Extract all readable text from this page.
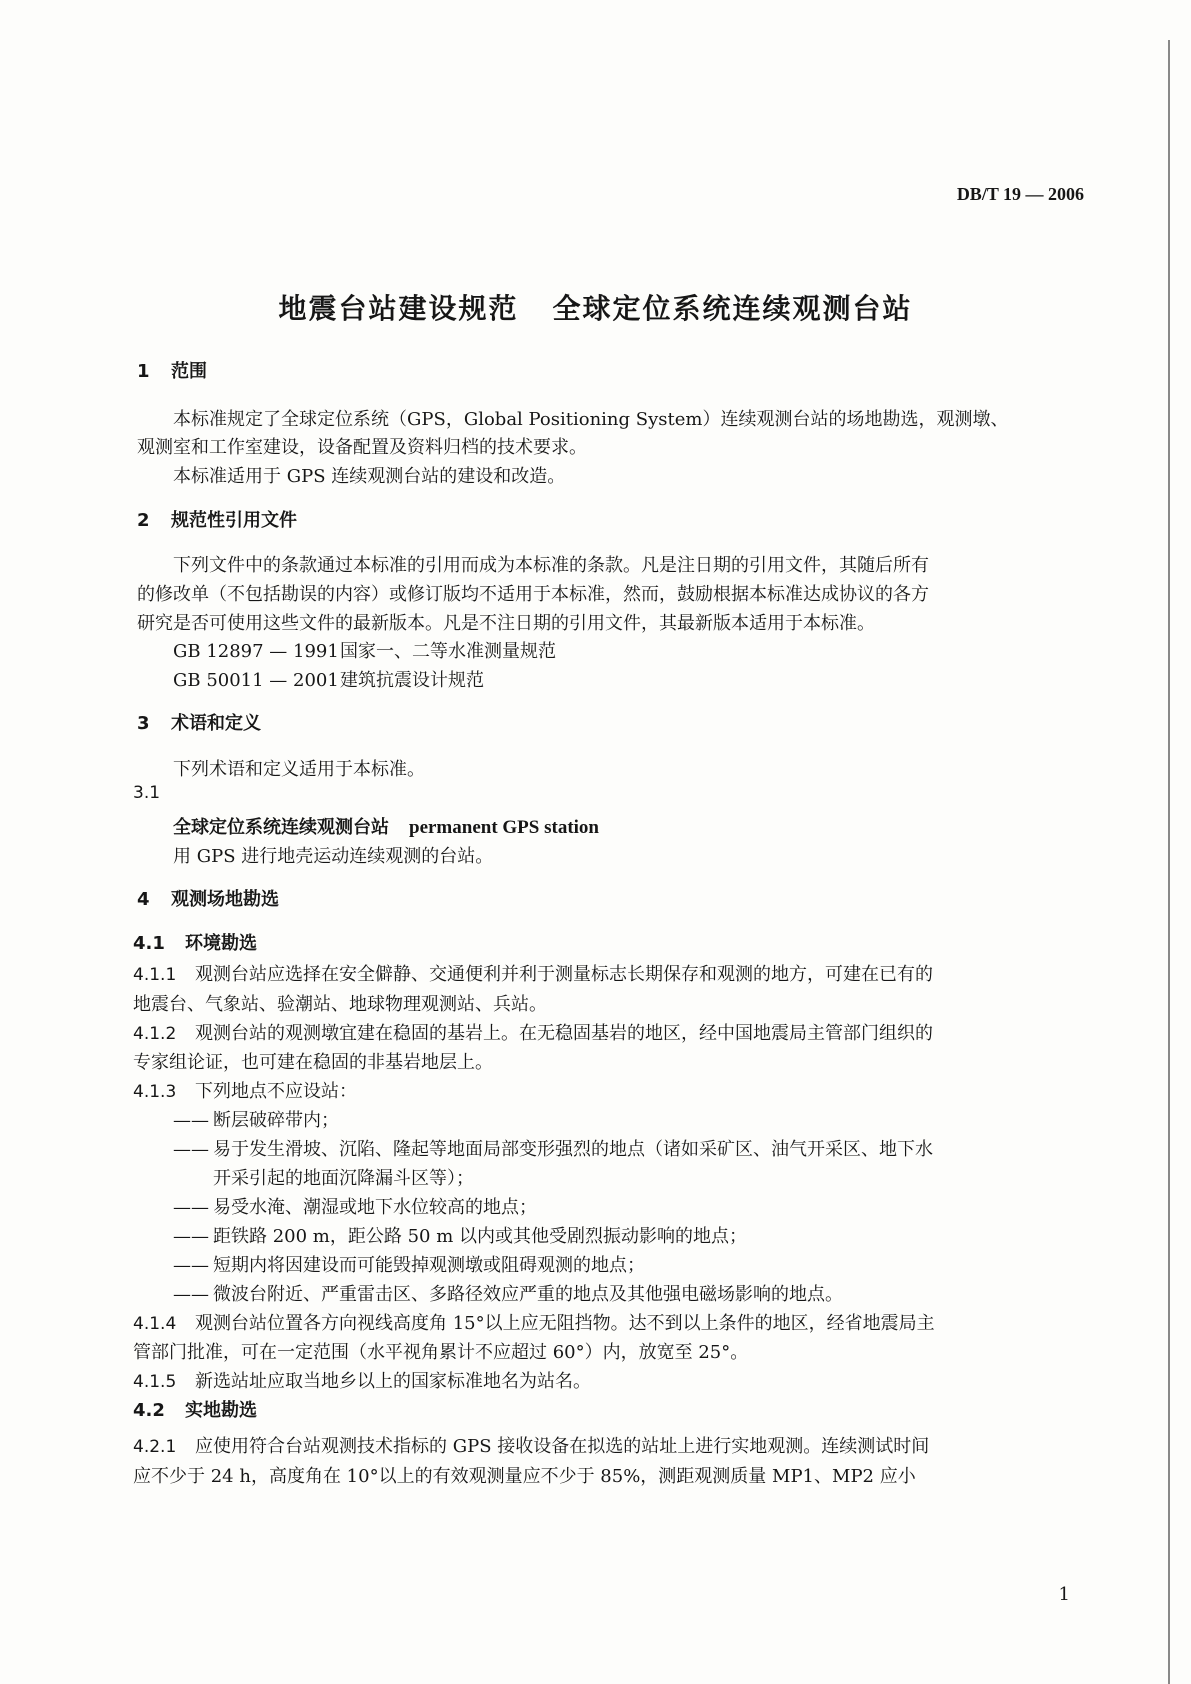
DB/T 19 — 2006
地震台站建设规范 全球定位系统连续观测台站
1 范围
本标准规定了全球定位系统（GPS，Global Positioning System）连续观测台站的场地勘选，观测墩、
观测室和工作室建设，设备配置及资料归档的技术要求。
本标准适用于 GPS 连续观测台站的建设和改造。
2 规范性引用文件
下列文件中的条款通过本标准的引用而成为本标准的条款。凡是注日期的引用文件，其随后所有
的修改单（不包括勘误的内容）或修订版均不适用于本标准，然而，鼓励根据本标准达成协议的各方
研究是否可使用这些文件的最新版本。凡是不注日期的引用文件，其最新版本适用于本标准。
GB 12897 — 1991国家一、二等水准测量规范
GB 50011 — 2001建筑抗震设计规范
3 术语和定义
下列术语和定义适用于本标准。
3.1
全球定位系统连续观测台站 permanent GPS station
用 GPS 进行地壳运动连续观测的台站。
4 观测场地勘选
4.1 环境勘选
4.1.1 观测台站应选择在安全僻静、交通便利并利于测量标志长期保存和观测的地方，可建在已有的
地震台、气象站、验潮站、地球物理观测站、兵站。
4.1.2 观测台站的观测墩宜建在稳固的基岩上。在无稳固基岩的地区，经中国地震局主管部门组织的
专家组论证，也可建在稳固的非基岩地层上。
4.1.3 下列地点不应设站：
—— 断层破碎带内；
—— 易于发生滑坡、沉陷、隆起等地面局部变形强烈的地点（诸如采矿区、油气开采区、地下水
开采引起的地面沉降漏斗区等）；
—— 易受水淹、潮湿或地下水位较高的地点；
—— 距铁路 200 m，距公路 50 m 以内或其他受剧烈振动影响的地点；
—— 短期内将因建设而可能毁掉观测墩或阻碍观测的地点；
—— 微波台附近、严重雷击区、多路径效应严重的地点及其他强电磁场影响的地点。
4.1.4 观测台站位置各方向视线高度角 15°以上应无阻挡物。达不到以上条件的地区，经省地震局主
管部门批准，可在一定范围（水平视角累计不应超过 60°）内，放宽至 25°。
4.1.5 新选站址应取当地乡以上的国家标准地名为站名。
4.2 实地勘选
4.2.1 应使用符合台站观测技术指标的 GPS 接收设备在拟选的站址上进行实地观测。连续测试时间
应不少于 24 h，高度角在 10°以上的有效观测量应不少于 85%，测距观测质量 MP1、MP2 应小
1
